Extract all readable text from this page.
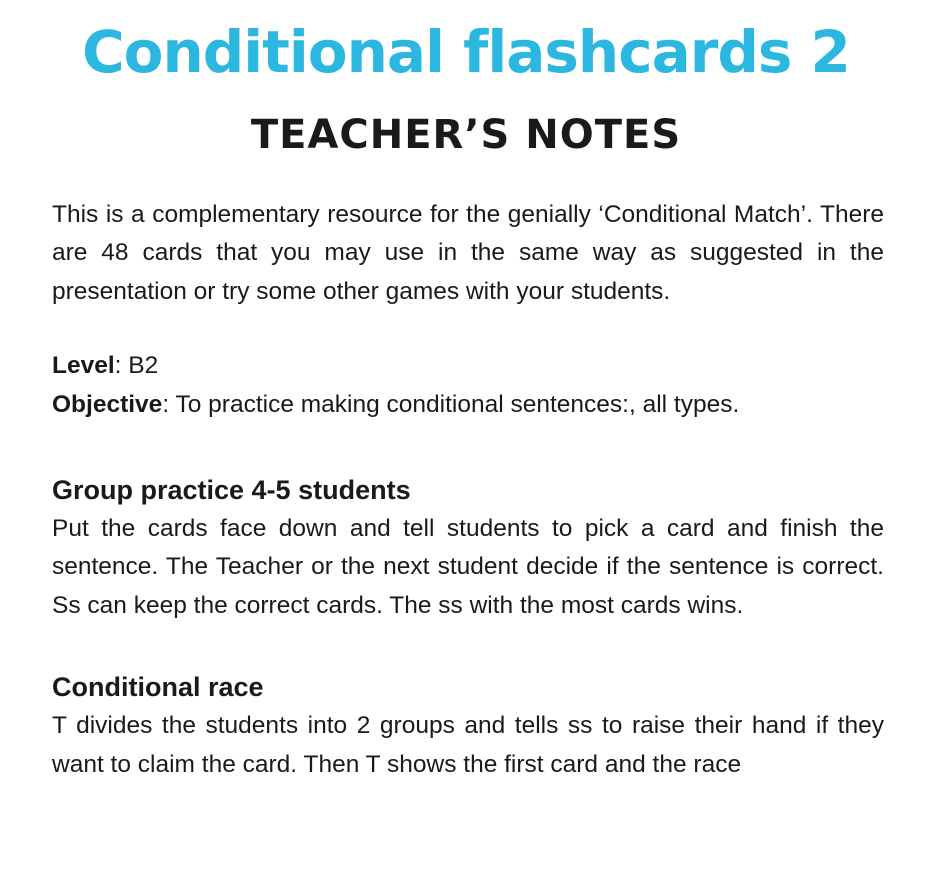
Conditional flashcards 2
TEACHER’S NOTES

This is a complementary resource for the genially ‘Conditional Match’. There are 48 cards that you may use in the same way as suggested in the presentation or try some other games with your students.

Level: B2

Objective: To practice making conditional sentences:, all types.

Group practice 4-5 students

Put the cards face down and tell students to pick a card and finish the sentence. The Teacher or the next student decide if the sentence is correct. Ss can keep the correct cards. The ss with the most cards wins.

Conditional race

T divides the students into 2 groups and tells ss to raise their hand if they want to claim the card. Then T shows the first card and the race
